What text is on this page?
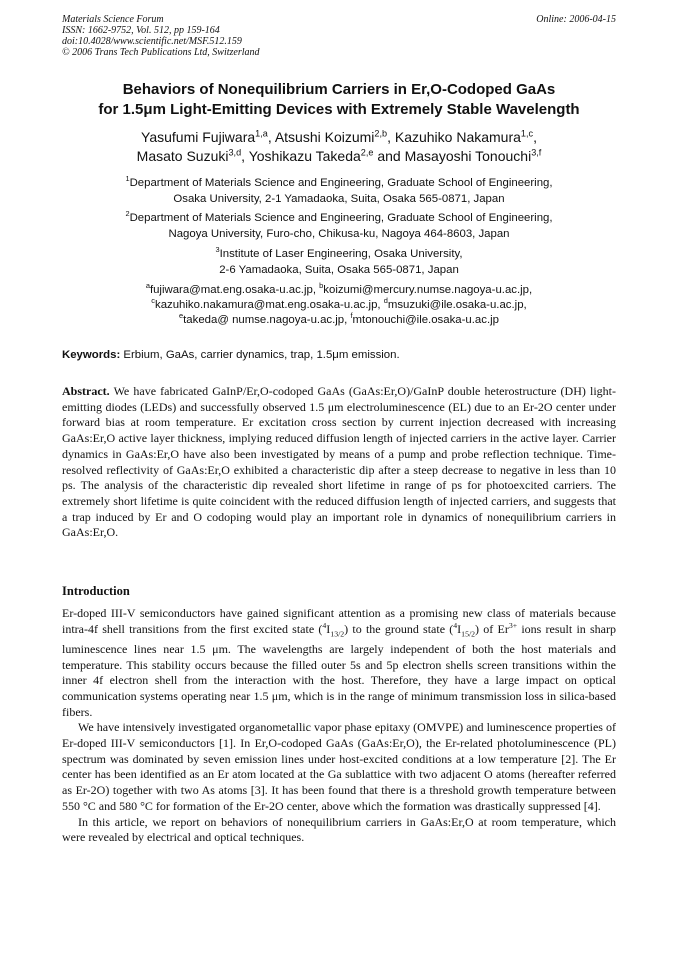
Materials Science Forum
ISSN: 1662-9752, Vol. 512, pp 159-164
doi:10.4028/www.scientific.net/MSF.512.159
© 2006 Trans Tech Publications Ltd, Switzerland
Online: 2006-04-15
Behaviors of Nonequilibrium Carriers in Er,O-Codoped GaAs
for 1.5μm Light-Emitting Devices with Extremely Stable Wavelength
Yasufumi Fujiwara$^{1,a}$, Atsushi Koizumi$^{2,b}$, Kazuhiko Nakamura$^{1,c}$,
Masato Suzuki$^{3,d}$, Yoshikazu Takeda$^{2,e}$ and Masayoshi Tonouchi$^{3,f}$
$^1$Department of Materials Science and Engineering, Graduate School of Engineering,
Osaka University, 2-1 Yamadaoka, Suita, Osaka 565-0871, Japan
$^2$Department of Materials Science and Engineering, Graduate School of Engineering,
Nagoya University, Furo-cho, Chikusa-ku, Nagoya 464-8603, Japan
$^3$Institute of Laser Engineering, Osaka University,
2-6 Yamadaoka, Suita, Osaka 565-0871, Japan
$^a$fujiwara@mat.eng.osaka-u.ac.jp, $^b$koizumi@mercury.numse.nagoya-u.ac.jp,
$^c$kazuhiko.nakamura@mat.eng.osaka-u.ac.jp, $^d$msuzuki@ile.osaka-u.ac.jp,
$^e$takeda@ numse.nagoya-u.ac.jp, $^f$mtonouchi@ile.osaka-u.ac.jp
Keywords: Erbium, GaAs, carrier dynamics, trap, 1.5μm emission.
Abstract. We have fabricated GaInP/Er,O-codoped GaAs (GaAs:Er,O)/GaInP double heterostructure (DH) light-emitting diodes (LEDs) and successfully observed 1.5 μm electroluminescence (EL) due to an Er-2O center under forward bias at room temperature. Er excitation cross section by current injection decreased with increasing GaAs:Er,O active layer thickness, implying reduced diffusion length of injected carriers in the active layer. Carrier dynamics in GaAs:Er,O have also been investigated by means of a pump and probe reflection technique. Time-resolved reflectivity of GaAs:Er,O exhibited a characteristic dip after a steep decrease to negative in less than 10 ps. The analysis of the characteristic dip revealed short lifetime in range of ps for photoexcited carriers. The extremely short lifetime is quite coincident with the reduced diffusion length of injected carriers, and suggests that a trap induced by Er and O codoping would play an important role in dynamics of nonequilibrium carriers in GaAs:Er,O.
Introduction

Er-doped III-V semiconductors have gained significant attention as a promising new class of materials because intra-4f shell transitions from the first excited state $(^4I_{13/2})$ to the ground state $(^4I_{15/2})$ of $Er^{3+}$ ions result in sharp luminescence lines near 1.5 μm. The wavelengths are largely independent of both the host materials and temperature. This stability occurs because the filled outer 5s and 5p electron shells screen transitions within the inner 4f electron shell from the interaction with the host. Therefore, they have a large impact on optical communication systems operating near 1.5 μm, which is in the range of minimum transmission loss in silica-based fibers.

We have intensively investigated organometallic vapor phase epitaxy (OMVPE) and luminescence properties of Er-doped III-V semiconductors [1]. In Er,O-codoped GaAs (GaAs:Er,O), the Er-related photoluminescence (PL) spectrum was dominated by seven emission lines under host-excited conditions at a low temperature [2]. The Er center has been identified as an Er atom located at the Ga sublattice with two adjacent O atoms (hereafter referred as Er-2O) together with two As atoms [3]. It has been found that there is a threshold growth temperature between 550 °C and 580 °C for formation of the Er-2O center, above which the formation was drastically suppressed [4].

In this article, we report on behaviors of nonequilibrium carriers in GaAs:Er,O at room temperature, which were revealed by electrical and optical techniques.
